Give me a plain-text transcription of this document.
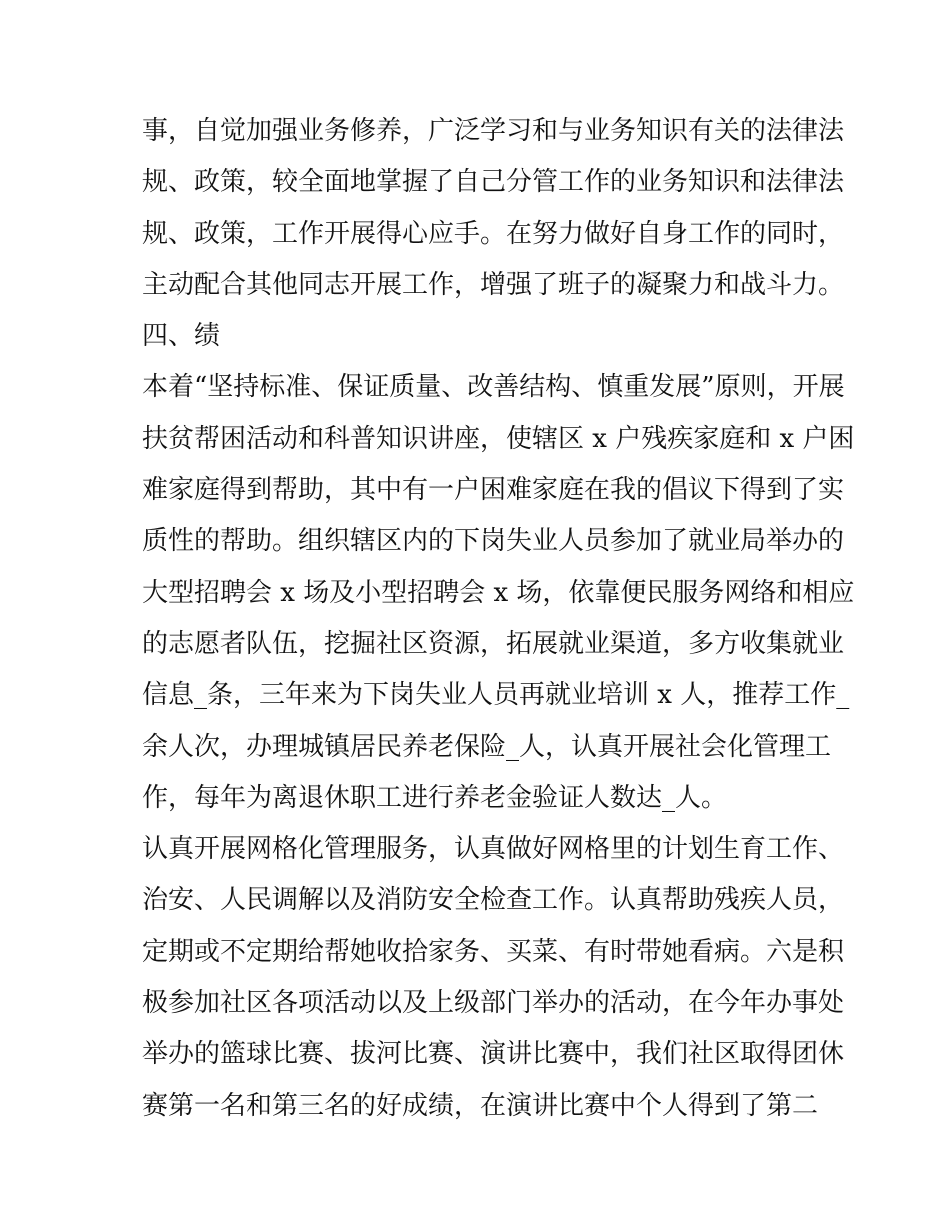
事，自觉加强业务修养，广泛学习和与业务知识有关的法律法

规、政策，较全面地掌握了自己分管工作的业务知识和法律法

规、政策，工作开展得心应手。在努力做好自身工作的同时，

主动配合其他同志开展工作，增强了班子的凝聚力和战斗力。

四、绩

本着“坚持标准、保证质量、改善结构、慎重发展”原则，开展

扶贫帮困活动和科普知识讲座，使辖区 x 户残疾家庭和 x 户困

难家庭得到帮助，其中有一户困难家庭在我的倡议下得到了实

质性的帮助。组织辖区内的下岗失业人员参加了就业局举办的

大型招聘会 x 场及小型招聘会 x 场，依靠便民服务网络和相应

的志愿者队伍，挖掘社区资源，拓展就业渠道，多方收集就业

信息_条，三年来为下岗失业人员再就业培训 x 人，推荐工作_

余人次，办理城镇居民养老保险_人，认真开展社会化管理工

作，每年为离退休职工进行养老金验证人数达_人。

认真开展网格化管理服务，认真做好网格里的计划生育工作、

治安、人民调解以及消防安全检查工作。认真帮助残疾人员，

定期或不定期给帮她收拾家务、买菜、有时带她看病。六是积

极参加社区各项活动以及上级部门举办的活动，在今年办事处

举办的篮球比赛、拔河比赛、演讲比赛中，我们社区取得团休

赛第一名和第三名的好成绩，在演讲比赛中个人得到了第二
